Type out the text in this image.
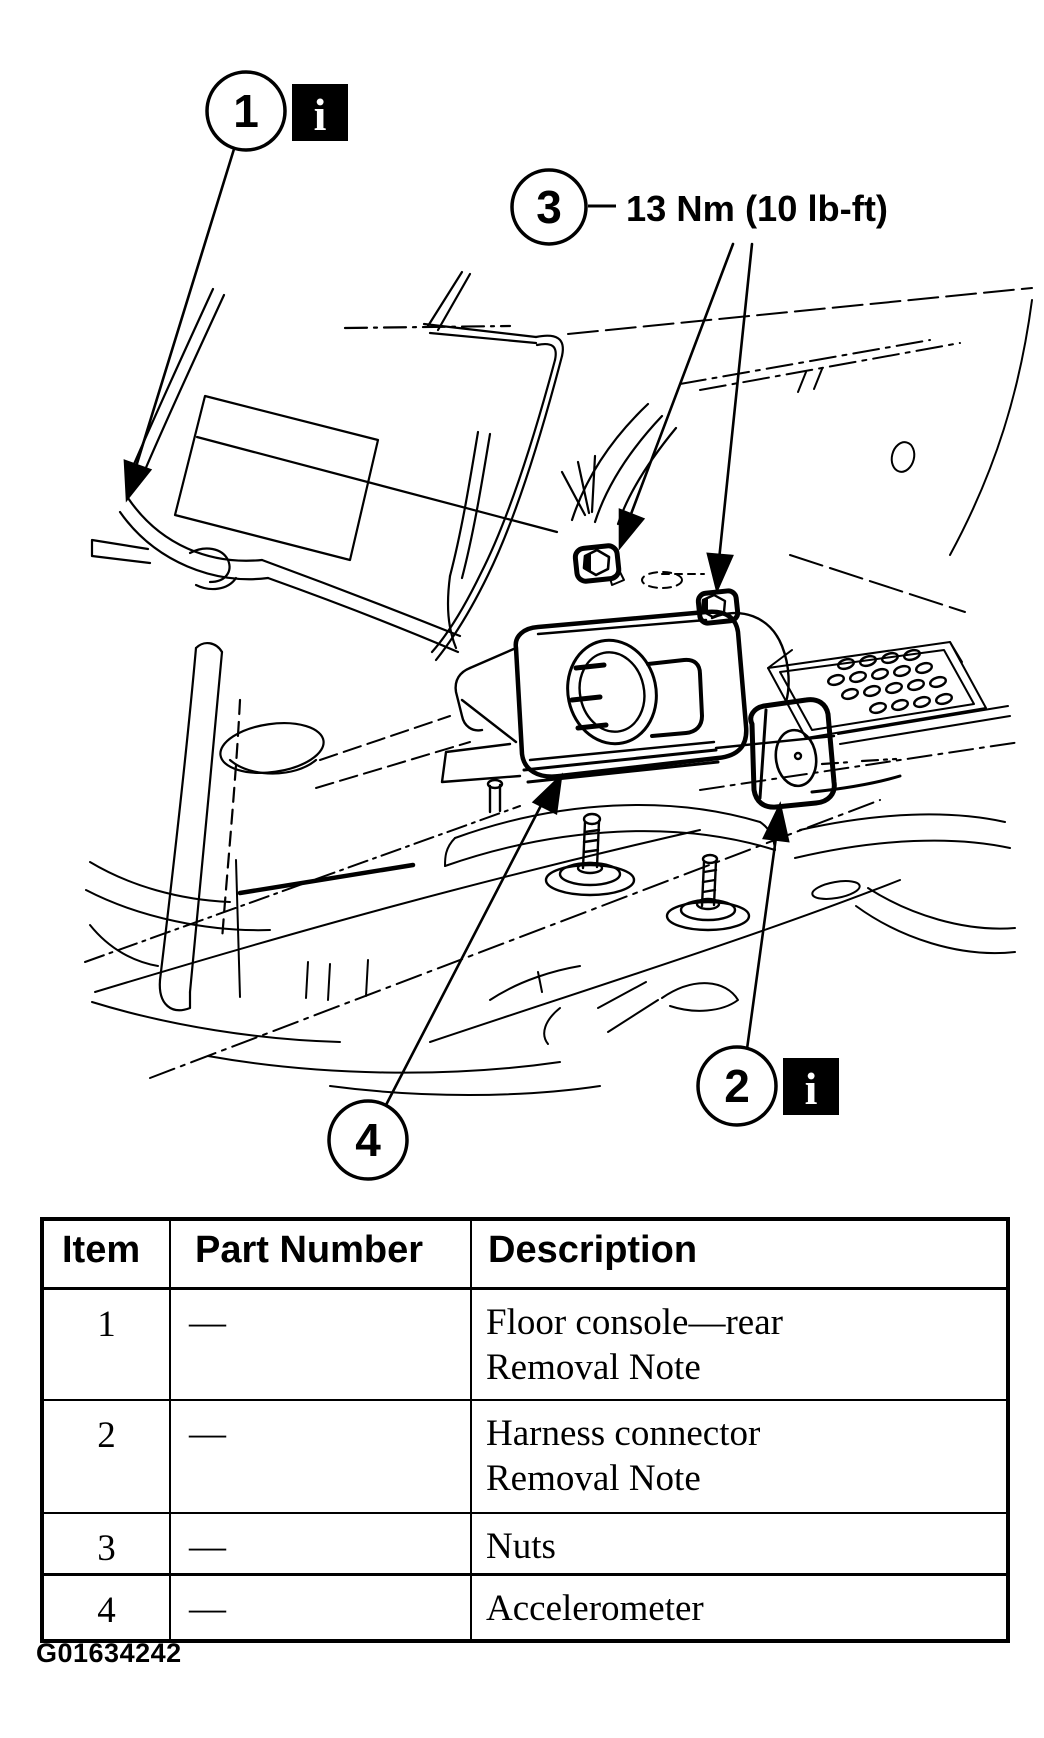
1 i
3 13 Nm (10 lb-ft)
4
2 i
Item	Part Number	Description
1	—	Floor console—rear
Removal Note

2	—	Harness connector
Removal Note

3	—	Nuts

4	—	Accelerometer
G01634242
